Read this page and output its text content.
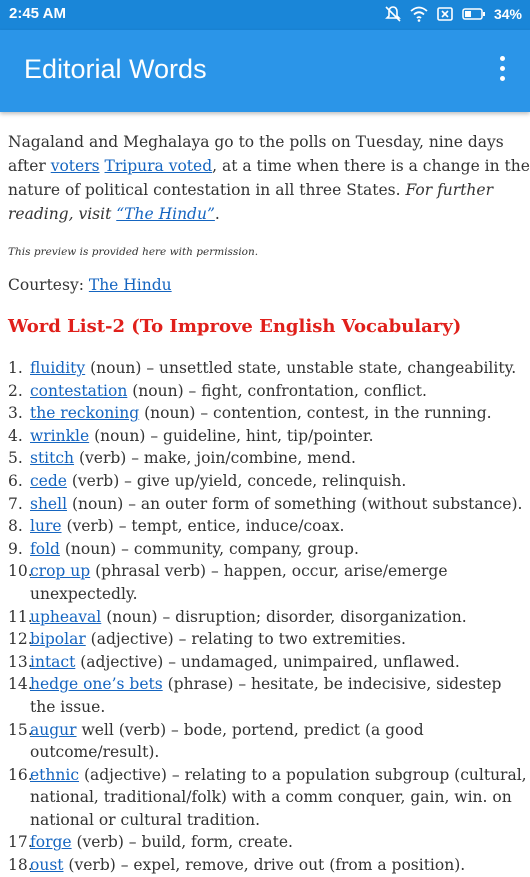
2:45 AM	34%
Editorial Words

Nagaland and Meghalaya go to the polls on Tuesday, nine days after voters Tripura voted, at a time when there is a change in the nature of political contestation in all three States. For further reading, visit “The Hindu”.

This preview is provided here with permission.
Courtesy: The Hindu
Word List-2 (To Improve English Vocabulary)
1. fluidity (noun) – unsettled state, unstable state, changeability.
2. contestation (noun) – fight, confrontation, conflict.
3. the reckoning (noun) – contention, contest, in the running.
4. wrinkle (noun) – guideline, hint, tip/pointer.
5. stitch (verb) – make, join/combine, mend.
6. cede (verb) – give up/yield, concede, relinquish.
7. shell (noun) – an outer form of something (without substance).
8. lure (verb) – tempt, entice, induce/coax.
9. fold (noun) – community, company, group.
10.
crop up (phrasal verb) – happen, occur, arise/emerge unexpectedly.
11.
upheaval (noun) – disruption; disorder, disorganization.
12.
bipolar (adjective) – relating to two extremities.
13.
intact (adjective) – undamaged, unimpaired, unflawed.
14.
hedge one’s bets (phrase) – hesitate, be indecisive, sidestep the issue.
15.
augur well (verb) – bode, portend, predict (a good outcome/result).
16.
ethnic (adjective) – relating to a population subgroup (cultural, national, traditional/folk) with a comm conquer, gain, win. on national or cultural tradition.
17.
forge (verb) – build, form, create.
18.
oust (verb) – expel, remove, drive out (from a position).
